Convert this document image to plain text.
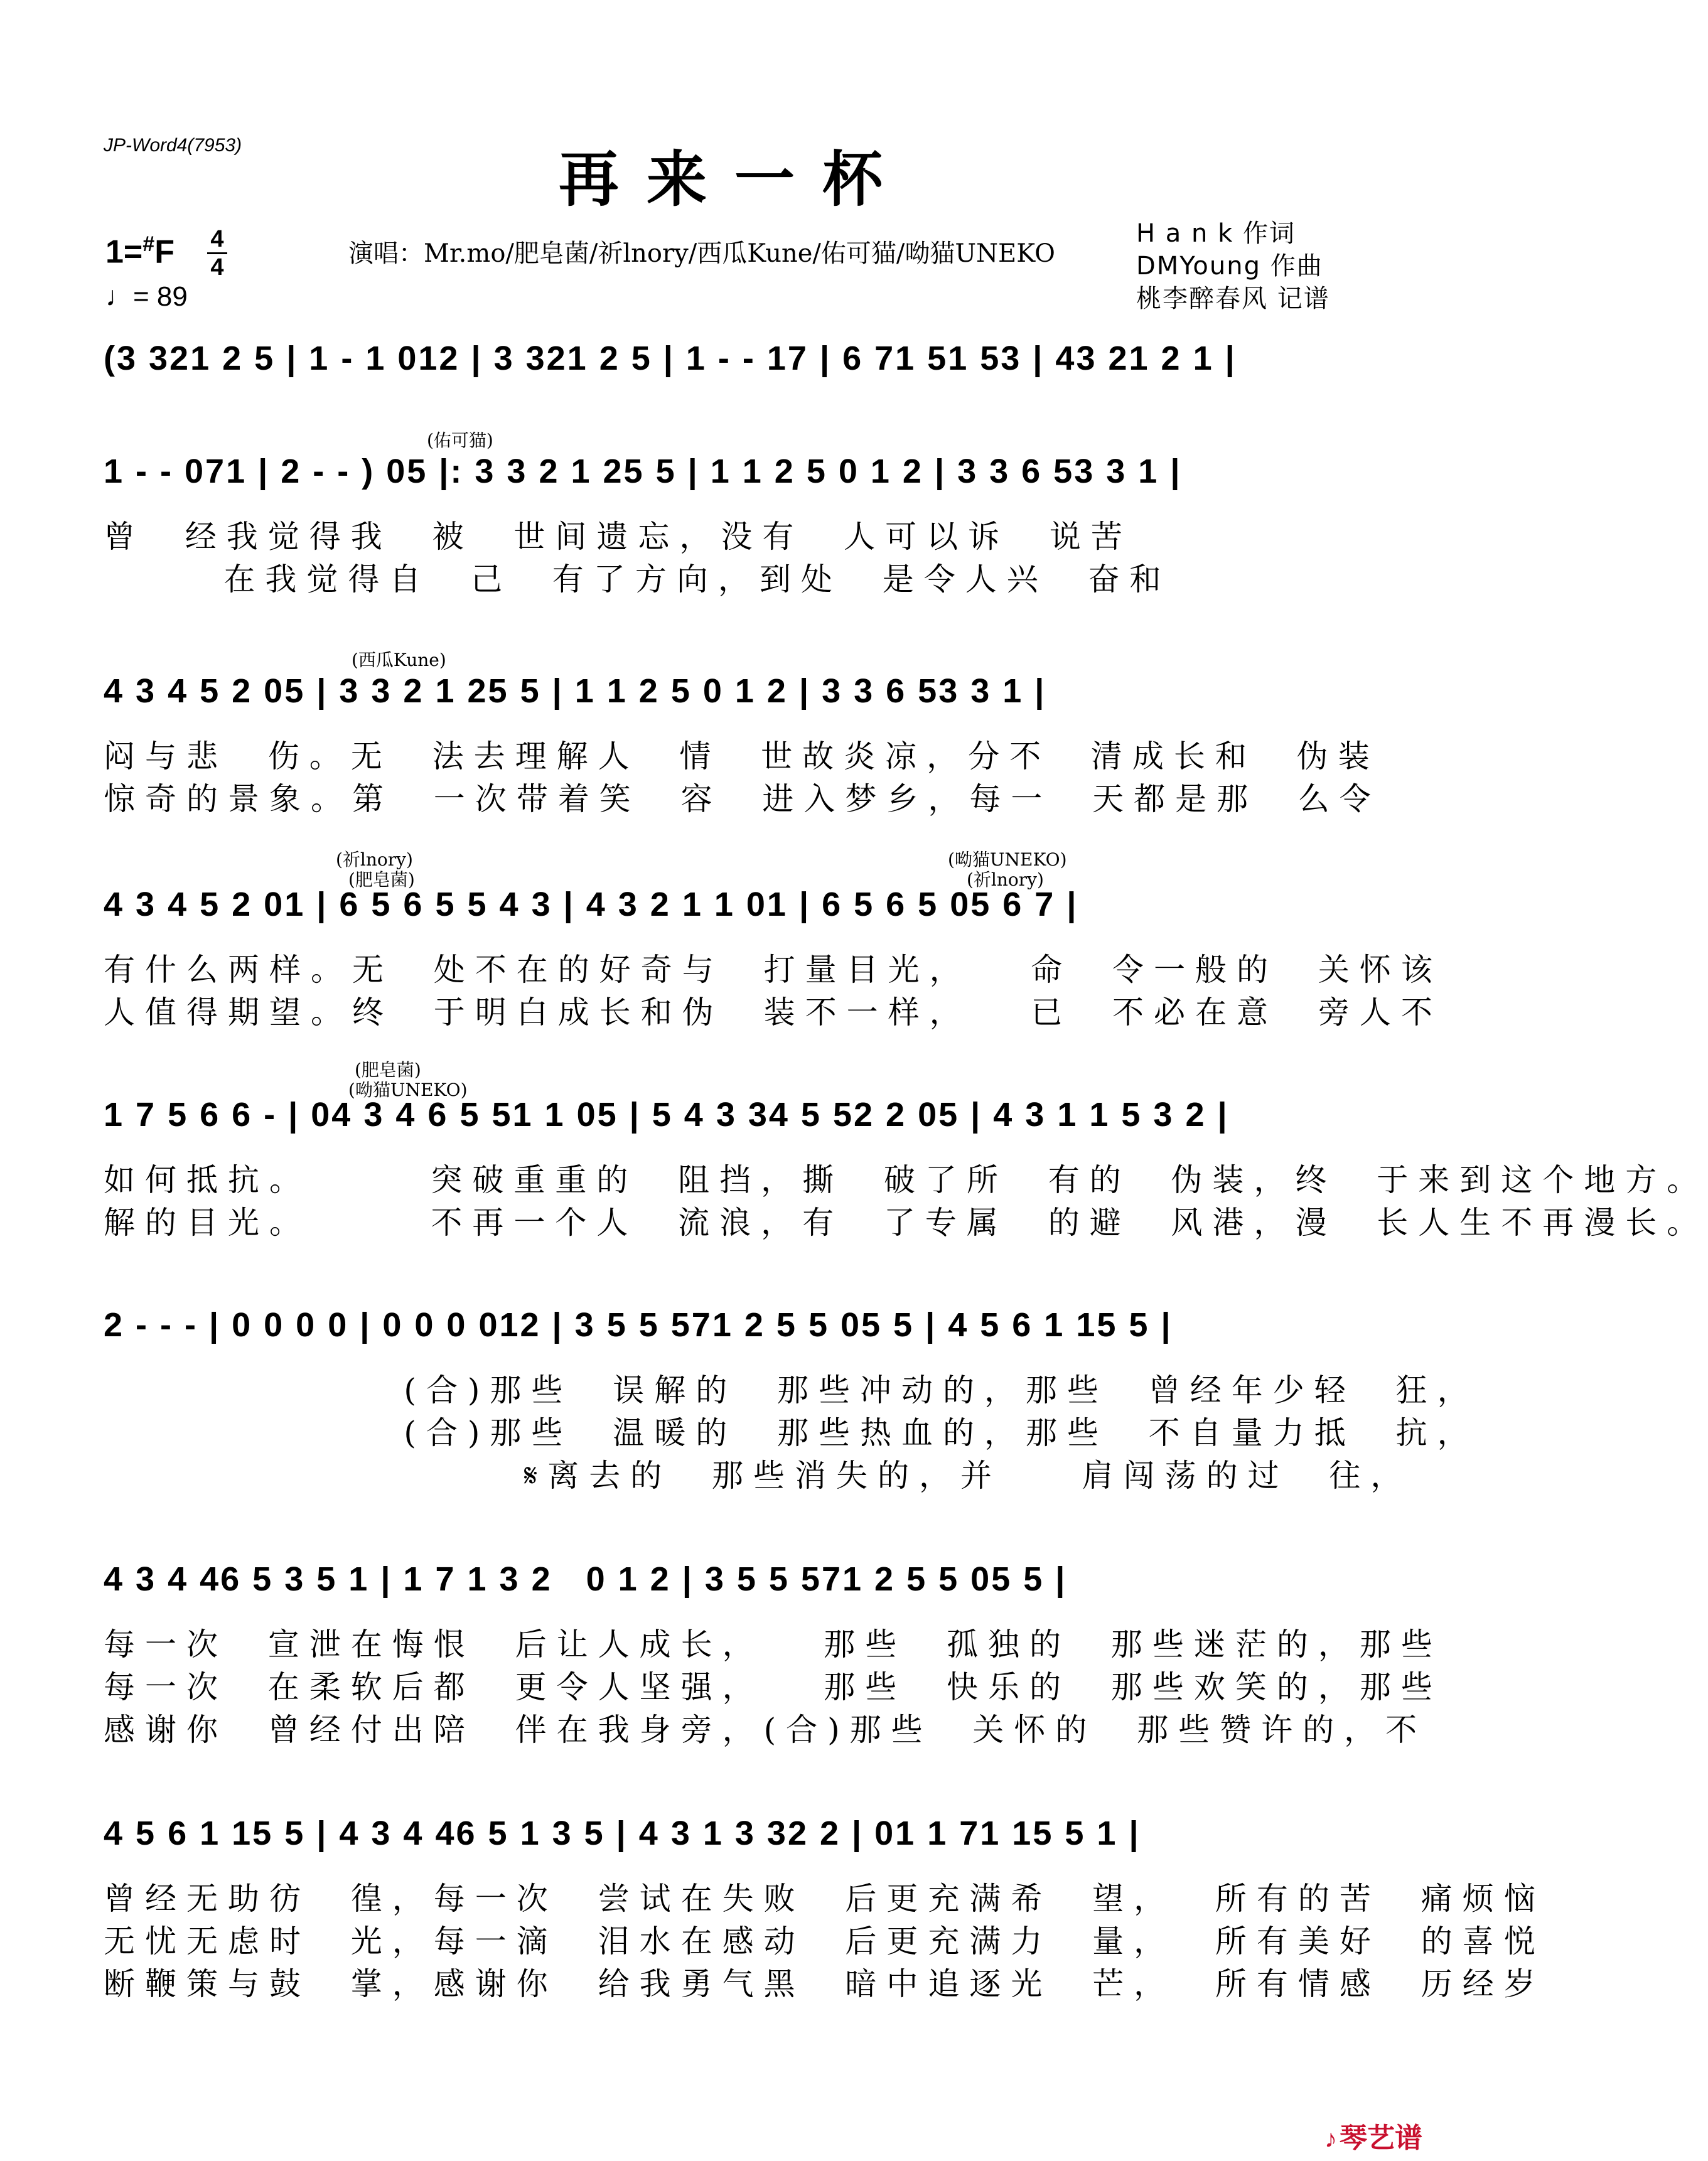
JP-Word4(7953)	再来一杯
1=#F 4
4
♩= 89
演唱：Mr.mo/肥皂菌/祈lnory/西瓜Kune/佑可猫/呦猫UNEKO
H a n k 作词
DMYoung 作曲
桃李醉春风 记谱
(3 321 2 5 | 1 - 1 012 | 3 321 2 5 | 1 - - 17 | 6 71 51 53 | 43 21 2 1 |
1 - - 071 | 2 - - ) 05 |: 3 3 2 1 25 5 | 1 1 2 5 0 1 2 | 3 3 6 53 3 1 |
(佑可猫)
曾  经我觉得我  被  世间遗忘，没有  人可以诉  说苦
在我觉得自  己  有了方向，到处  是令人兴  奋和
4 3 4 5 2 05 | 3 3 2 1 25 5 | 1 1 2 5 0 1 2 | 3 3 6 53 3 1 |
(西瓜Kune)
闷与悲  伤。无  法去理解人  情  世故炎凉，分不  清成长和  伪装
惊奇的景象。第  一次带着笑  容  进入梦乡，每一  天都是那  么令
4 3 4 5 2 01 | 6 5 6 5 5 4 3 | 4 3 2 1 1 01 | 6 5 6 5 05 6 7 |
(祈lnory)
(肥皂菌)
(呦猫UNEKO)
(祈lnory)
有什么两样。无  处不在的好奇与  打量目光，   命  令一般的  关怀该
人值得期望。终  于明白成长和伪  装不一样，   已  不必在意  旁人不
1 7 5 6 6 - | 04 3 4 6 5 51 1 05 | 5 4 3 34 5 52 2 05 | 4 3 1 1 5 3 2 |
(肥皂菌)
(呦猫UNEKO)
如何抵抗。      突破重重的  阻挡，撕  破了所  有的  伪装，终  于来到这个地方。
解的目光。      不再一个人  流浪，有  了专属  的避  风港，漫  长人生不再漫长。
2 - - - | 0 0 0 0 | 0 0 0 012 | 3 5 5 571 2 5 5 05 5 | 4 5 6 1 15 5 |
(合)那些  误解的  那些冲动的，那些  曾经年少轻  狂，
(合)那些  温暖的  那些热血的，那些  不自量力抵  抗，
𝄋离去的  那些消失的，并    肩闯荡的过  往，
4 3 4 46 5 3 5 1 | 1 7 1 3 2   0 1 2 | 3 5 5 571 2 5 5 05 5 |
每一次  宣泄在悔恨  后让人成长，   那些  孤独的  那些迷茫的，那些
每一次  在柔软后都  更令人坚强，   那些  快乐的  那些欢笑的，那些
感谢你  曾经付出陪  伴在我身旁，(合)那些  关怀的  那些赞许的，不
4 5 6 1 15 5 | 4 3 4 46 5 1 3 5 | 4 3 1 3 32 2 | 01 1 71 15 5 1 |
曾经无助彷  徨，每一次  尝试在失败  后更充满希  望，  所有的苦  痛烦恼
无忧无虑时  光，每一滴  泪水在感动  后更充满力  量，  所有美好  的喜悦
断鞭策与鼓  掌，感谢你  给我勇气黑  暗中追逐光  芒，  所有情感  历经岁
♪琴艺谱
